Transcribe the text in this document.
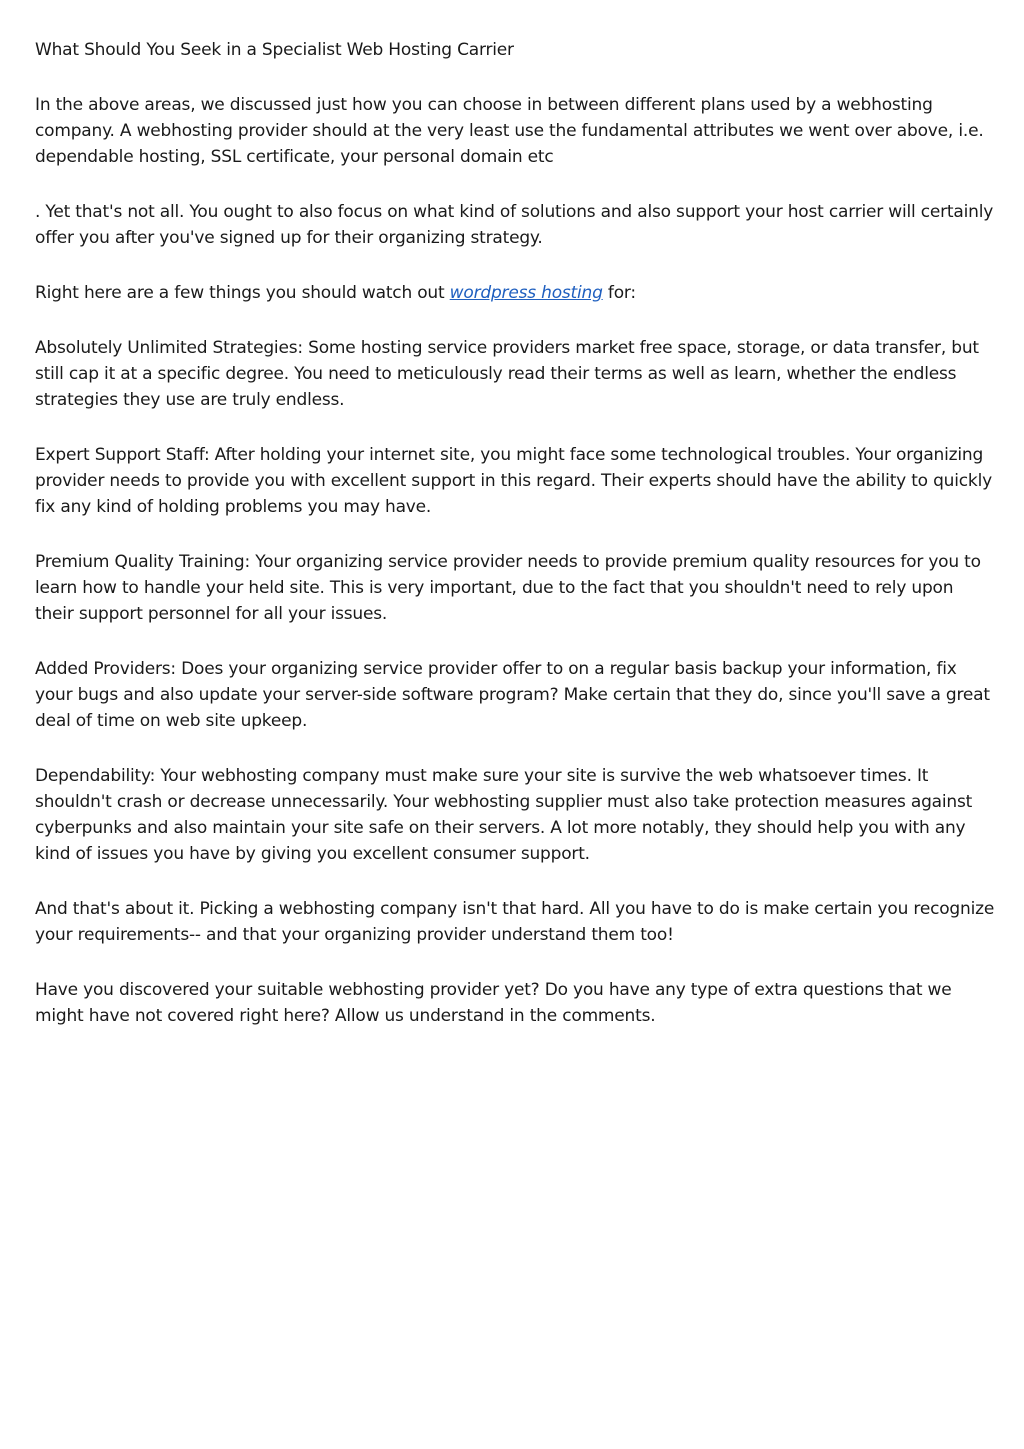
What Should You Seek in a Specialist Web Hosting Carrier

In the above areas, we discussed just how you can choose in between different plans used by a webhosting company. A webhosting provider should at the very least use the fundamental attributes we went over above, i.e. dependable hosting, SSL certificate, your personal domain etc

. Yet that's not all. You ought to also focus on what kind of solutions and also support your host carrier will certainly offer you after you've signed up for their organizing strategy.

Right here are a few things you should watch out wordpress hosting for:

Absolutely Unlimited Strategies: Some hosting service providers market free space, storage, or data transfer, but still cap it at a specific degree. You need to meticulously read their terms as well as learn, whether the endless strategies they use are truly endless.

Expert Support Staff: After holding your internet site, you might face some technological troubles. Your organizing provider needs to provide you with excellent support in this regard. Their experts should have the ability to quickly fix any kind of holding problems you may have.

Premium Quality Training: Your organizing service provider needs to provide premium quality resources for you to learn how to handle your held site. This is very important, due to the fact that you shouldn't need to rely upon their support personnel for all your issues.

Added Providers: Does your organizing service provider offer to on a regular basis backup your information, fix your bugs and also update your server-side software program? Make certain that they do, since you'll save a great deal of time on web site upkeep.

Dependability: Your webhosting company must make sure your site is survive the web whatsoever times. It shouldn't crash or decrease unnecessarily. Your webhosting supplier must also take protection measures against cyberpunks and also maintain your site safe on their servers. A lot more notably, they should help you with any kind of issues you have by giving you excellent consumer support.

And that's about it. Picking a webhosting company isn't that hard. All you have to do is make certain you recognize your requirements-- and that your organizing provider understand them too!

Have you discovered your suitable webhosting provider yet? Do you have any type of extra questions that we might have not covered right here? Allow us understand in the comments.
